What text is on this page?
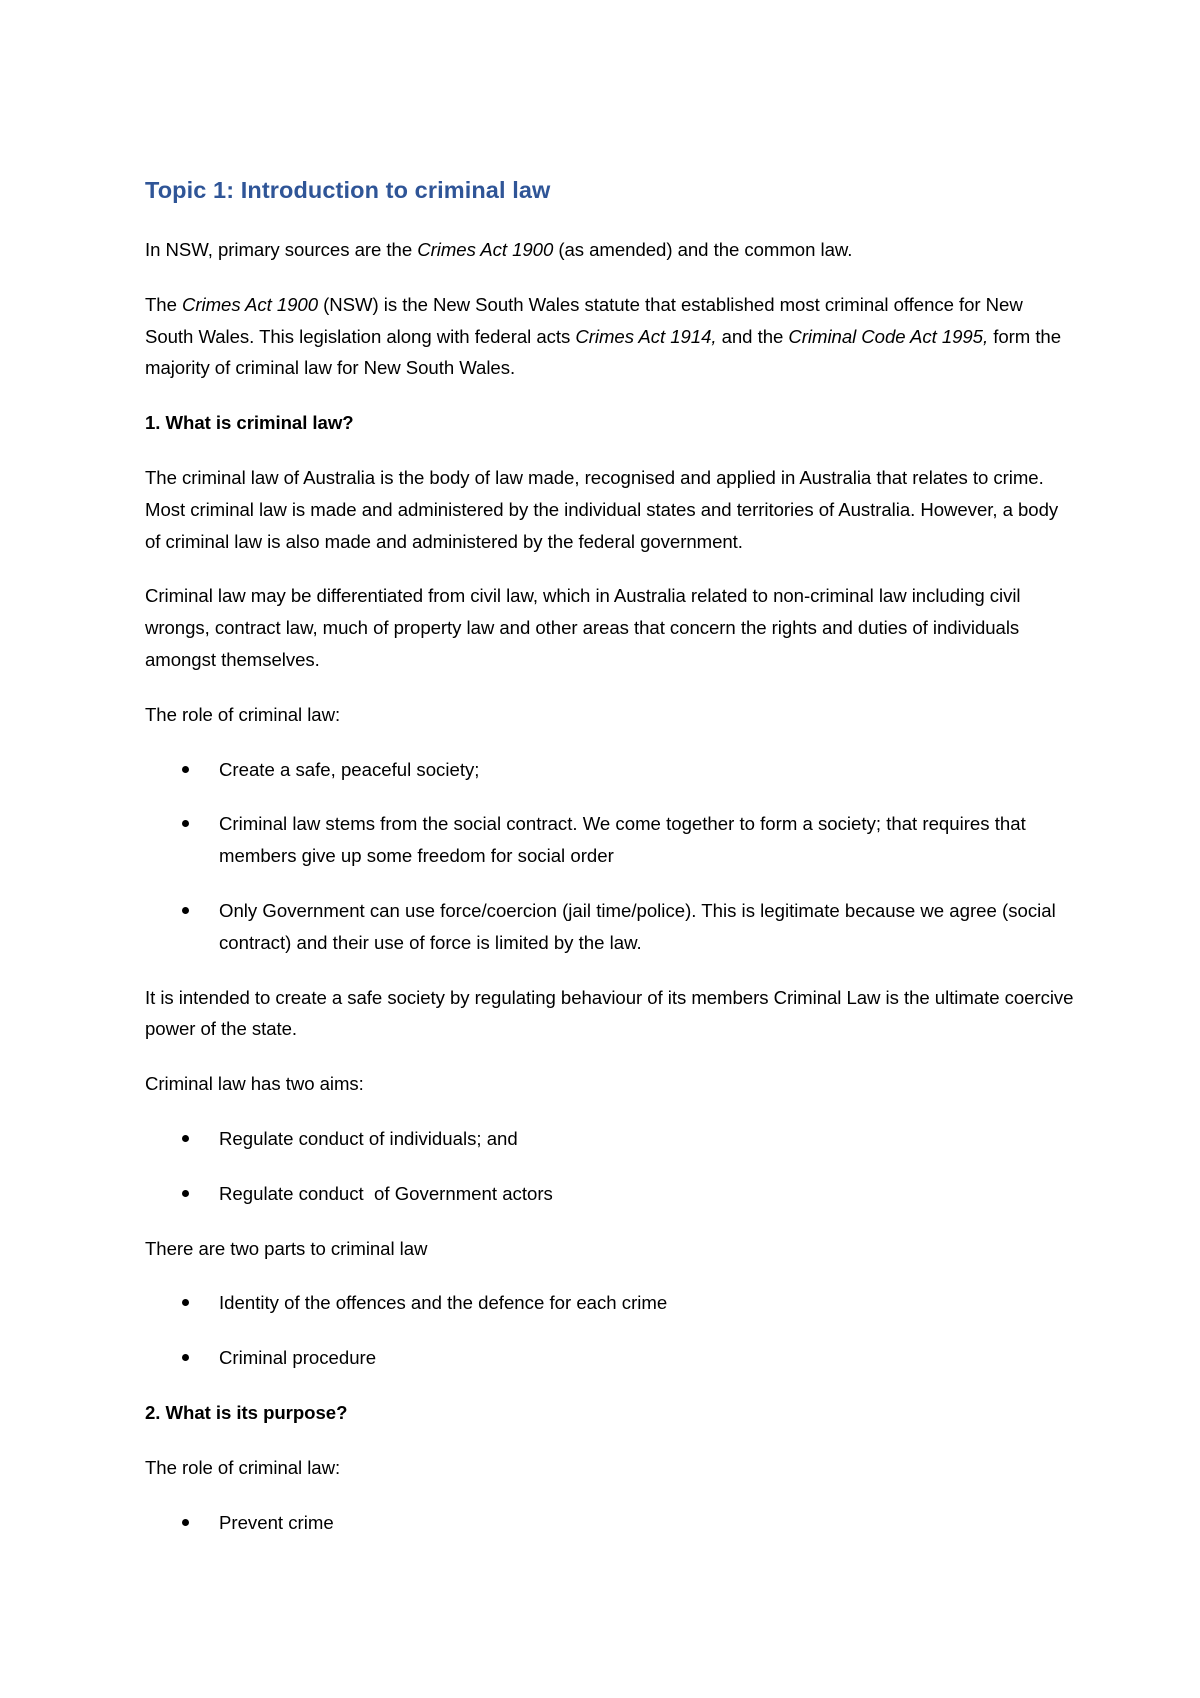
Topic 1: Introduction to criminal law

In NSW, primary sources are the Crimes Act 1900 (as amended) and the common law.

The Crimes Act 1900 (NSW) is the New South Wales statute that established most criminal offence for New South Wales. This legislation along with federal acts Crimes Act 1914, and the Criminal Code Act 1995, form the majority of criminal law for New South Wales.

1. What is criminal law?

The criminal law of Australia is the body of law made, recognised and applied in Australia that relates to crime. Most criminal law is made and administered by the individual states and territories of Australia. However, a body of criminal law is also made and administered by the federal government.

Criminal law may be differentiated from civil law, which in Australia related to non-criminal law including civil wrongs, contract law, much of property law and other areas that concern the rights and duties of individuals amongst themselves.

The role of criminal law:

Create a safe, peaceful society;
Criminal law stems from the social contract. We come together to form a society; that requires that members give up some freedom for social order
Only Government can use force/coercion (jail time/police). This is legitimate because we agree (social contract) and their use of force is limited by the law.

It is intended to create a safe society by regulating behaviour of its members Criminal Law is the ultimate coercive power of the state.

Criminal law has two aims:

Regulate conduct of individuals; and
Regulate conduct  of Government actors

There are two parts to criminal law

Identity of the offences and the defence for each crime
Criminal procedure

2. What is its purpose?

The role of criminal law:

Prevent crime
